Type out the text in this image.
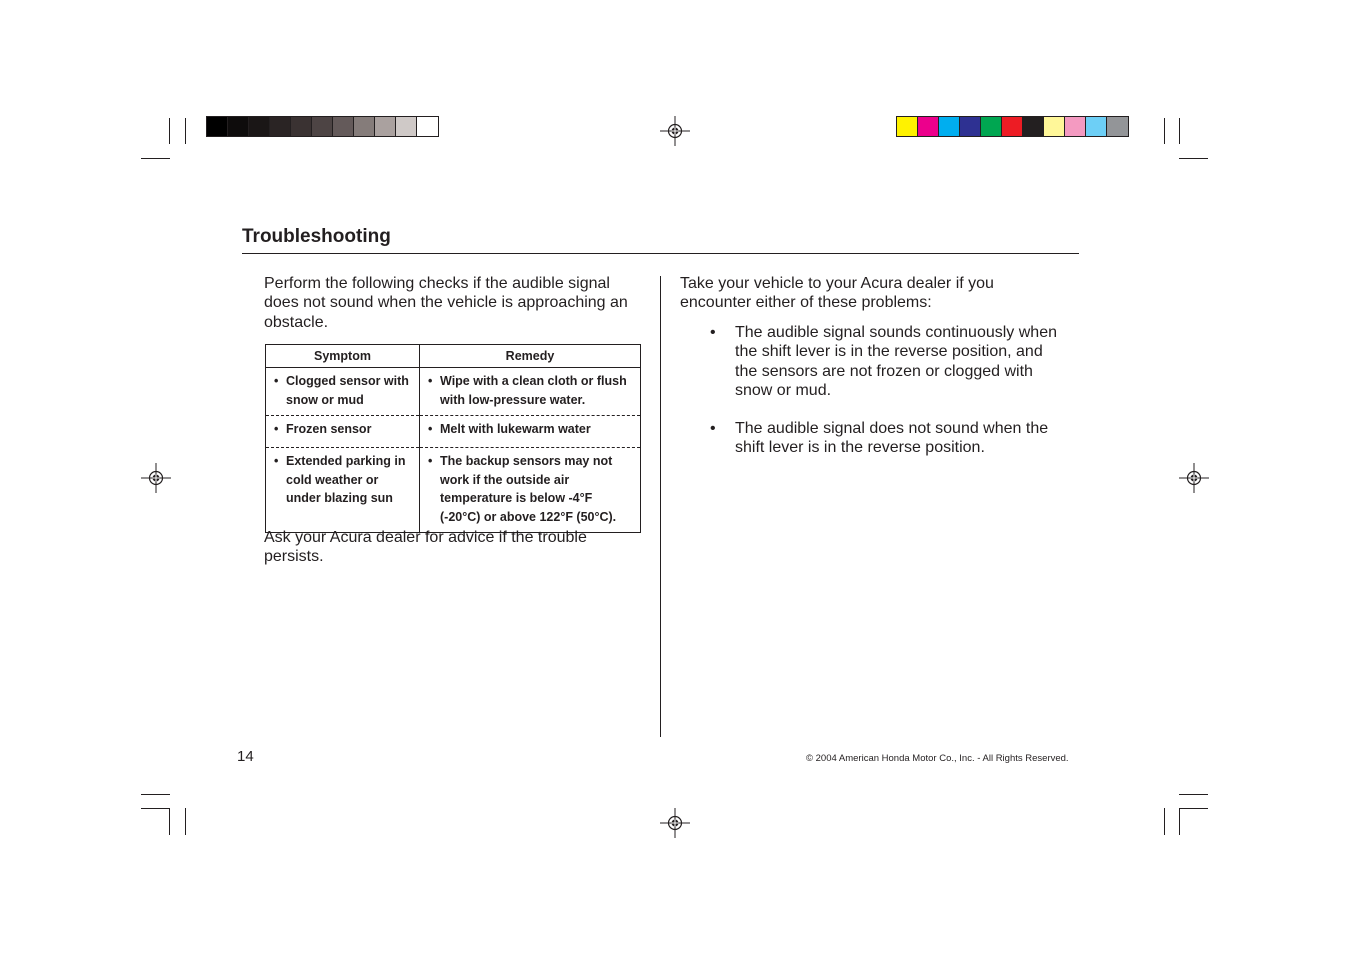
Troubleshooting
Perform the following checks if the audible signal does not sound when the vehicle is approaching an obstacle.
Symptom	Remedy

• Clogged sensor with snow or mud	• Wipe with a clean cloth or flush with low-pressure water.

• Frozen sensor	• Melt with lukewarm water

• Extended parking in cold weather or under blazing sun	• The backup sensors may not work if the outside air temperature is below -4°F (-20°C) or above 122°F (50°C).
Ask your Acura dealer for advice if the trouble persists.
Take your vehicle to your Acura dealer if you encounter either of these problems:
•	The audible signal sounds continuously when the shift lever is in the reverse position, and the sensors are not frozen or clogged with snow or mud.
•	The audible signal does not sound when the shift lever is in the reverse position.
14	© 2004 American Honda Motor Co., Inc. - All Rights Reserved.
